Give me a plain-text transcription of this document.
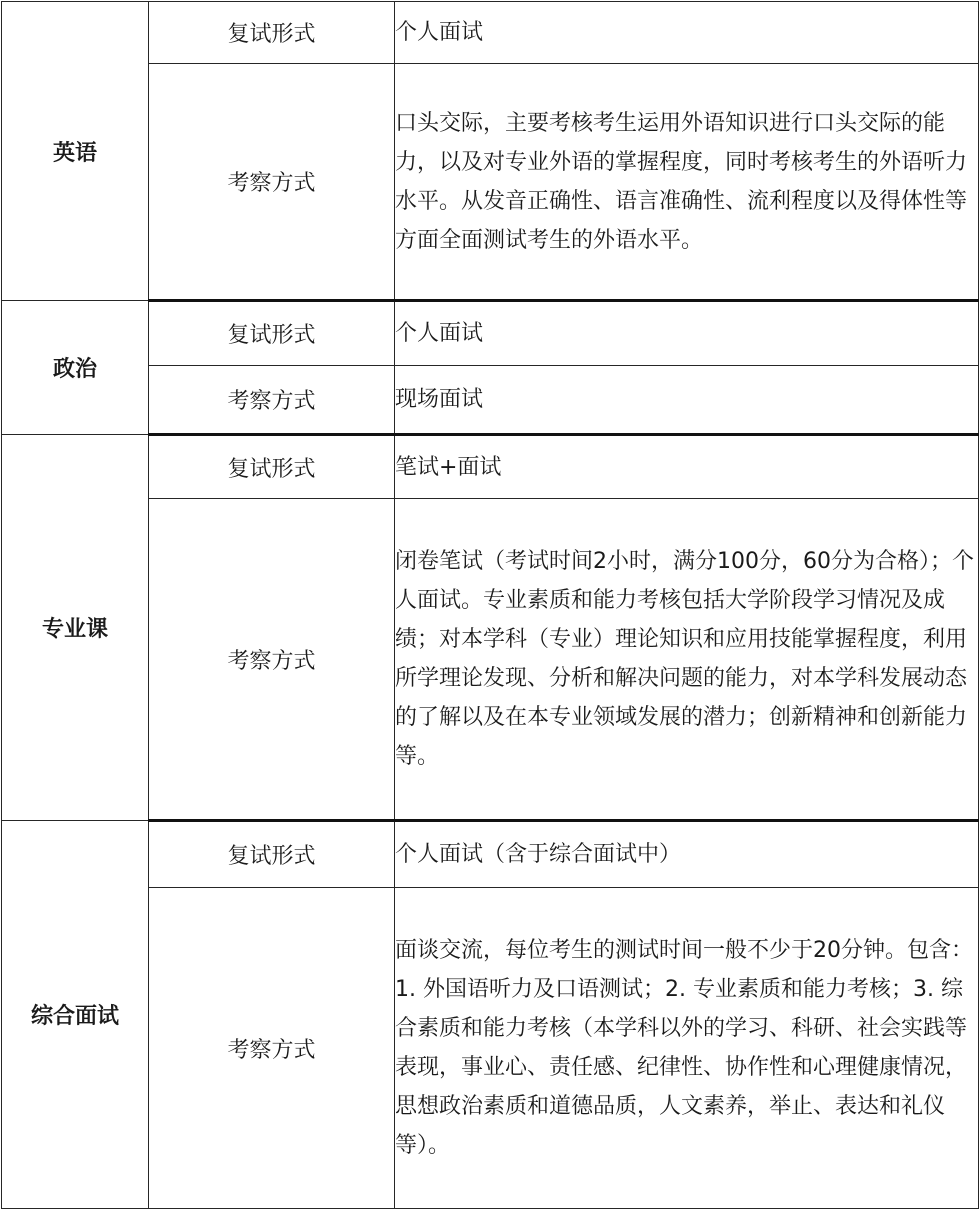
英语	复试形式	个人面试
	考察方式	口头交际，主要考核考生运用外语知识进行口头交际的能力，以及对专业外语的掌握程度，同时考核考生的外语听力水平。从发音正确性、语言准确性、流利程度以及得体性等方面全面测试考生的外语水平。
政治	复试形式	个人面试
	考察方式	现场面试
专业课	复试形式	笔试+面试
	考察方式	闭卷笔试（考试时间2小时，满分100分，60分为合格）；个人面试。专业素质和能力考核包括大学阶段学习情况及成绩；对本学科（专业）理论知识和应用技能掌握程度，利用所学理论发现、分析和解决问题的能力，对本学科发展动态的了解以及在本专业领域发展的潜力；创新精神和创新能力等。
综合面试	复试形式	个人面试（含于综合面试中）
	考察方式	面谈交流，每位考生的测试时间一般不少于20分钟。包含：1. 外国语听力及口语测试；2. 专业素质和能力考核；3. 综合素质和能力考核（本学科以外的学习、科研、社会实践等表现，事业心、责任感、纪律性、协作性和心理健康情况，思想政治素质和道德品质，人文素养，举止、表达和礼仪等）。
